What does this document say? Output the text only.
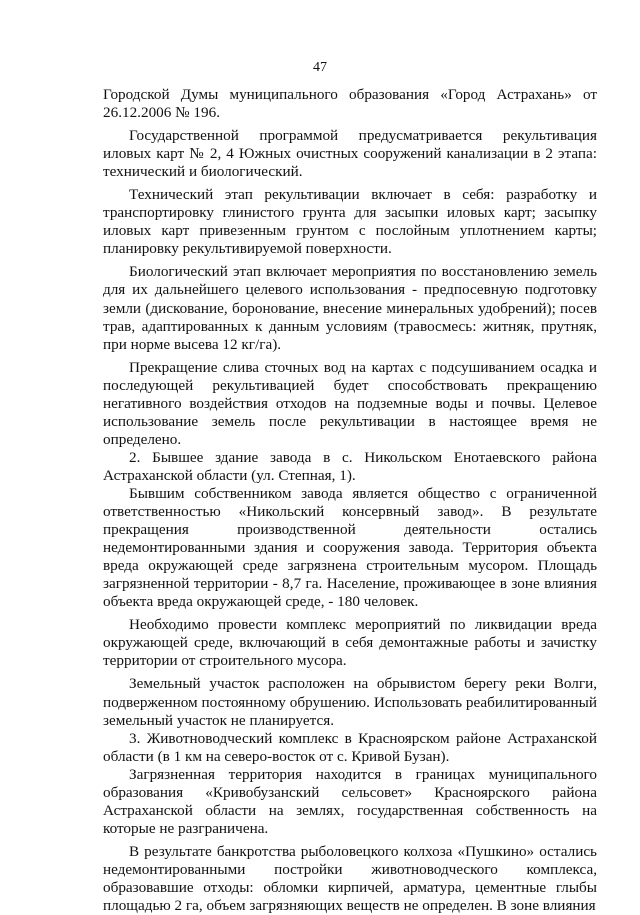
47

Городской Думы муниципального образования «Город Астрахань» от 26.12.2006 № 196.

Государственной программой предусматривается рекультивация иловых карт № 2, 4 Южных очистных сооружений канализации в 2 этапа: технический и биологический.

Технический этап рекультивации включает в себя: разработку и транспортировку глинистого грунта для засыпки иловых карт; засыпку иловых карт привезенным грунтом с послойным уплотнением карты; планировку рекультивируемой поверхности.

Биологический этап включает мероприятия по восстановлению земель для их дальнейшего целевого использования - предпосевную подготовку земли (дискование, боронование, внесение минеральных удобрений); посев трав, адаптированных к данным условиям (травосмесь: житняк, прутняк, при норме высева 12 кг/га).

Прекращение слива сточных вод на картах с подсушиванием осадка и последующей рекультивацией будет способствовать прекращению негативного воздействия отходов на подземные воды и почвы. Целевое использование земель после рекультивации в настоящее время не определено.

2. Бывшее здание завода в с. Никольском Енотаевского района Астраханской области (ул. Степная, 1).

Бывшим собственником завода является общество с ограниченной ответственностью «Никольский консервный завод». В результате прекращения производственной деятельности остались недемонтированными здания и сооружения завода. Территория объекта вреда окружающей среде загрязнена строительным мусором. Площадь загрязненной территории - 8,7 га. Население, проживающее в зоне влияния объекта вреда окружающей среде, - 180 человек.

Необходимо провести комплекс мероприятий по ликвидации вреда окружающей среде, включающий в себя демонтажные работы и зачистку территории от строительного мусора.

Земельный участок расположен на обрывистом берегу реки Волги, подверженном постоянному обрушению. Использовать реабилитированный земельный участок не планируется.

3. Животноводческий комплекс в Красноярском районе Астраханской области (в 1 км на северо-восток от с. Кривой Бузан).

Загрязненная территория находится в границах муниципального образования «Кривобузанский сельсовет» Красноярского района Астраханской области на землях, государственная собственность на которые не разграничена.

В результате банкротства рыболовецкого колхоза «Пушкино» остались недемонтированными постройки животноводческого комплекса, образовавшие отходы: обломки кирпичей, арматура, цементные глыбы площадью 2 га, объем загрязняющих веществ не определен. В зоне влияния
